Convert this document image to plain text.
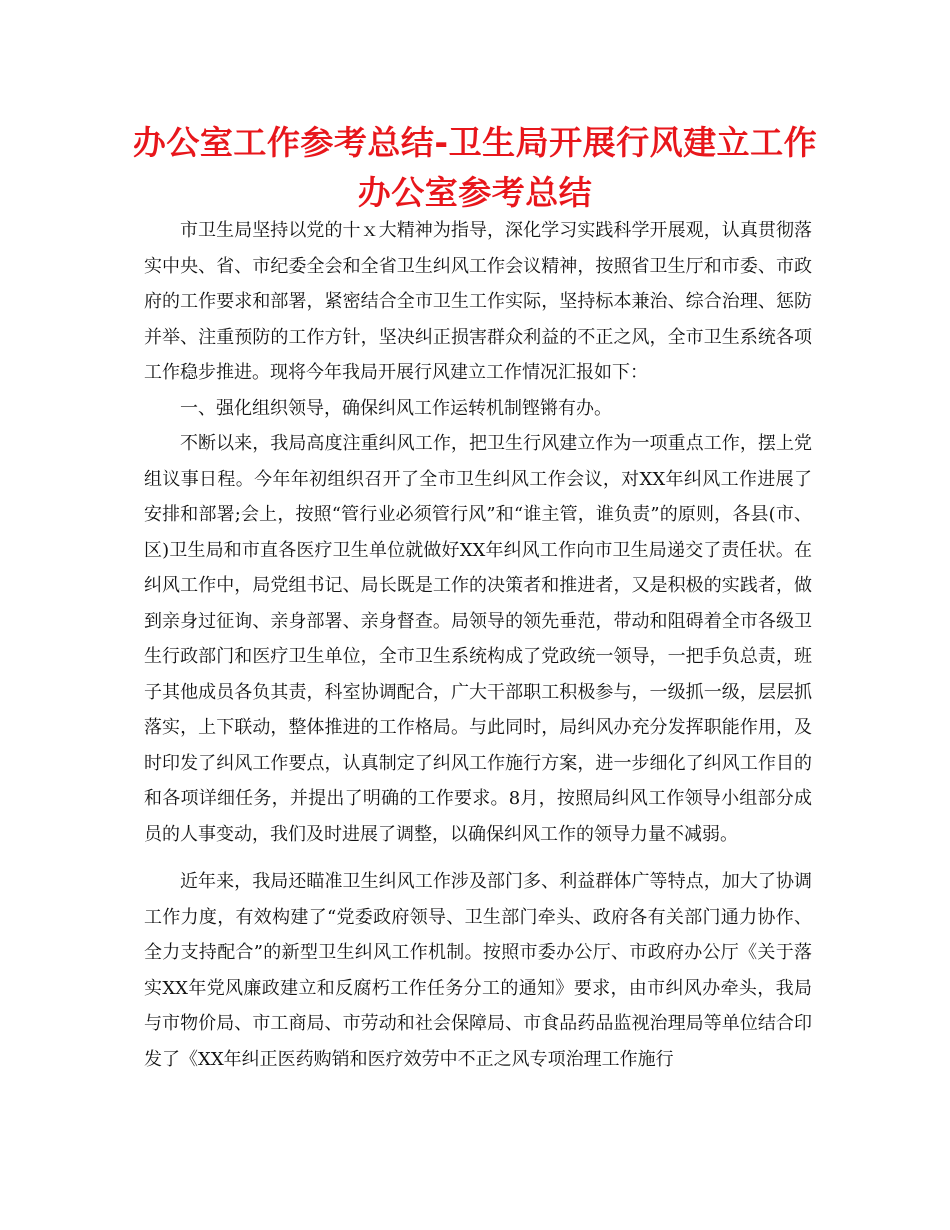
办公室工作参考总结-卫生局开展行风建立工作办公室参考总结

市卫生局坚持以党的十ｘ大精神为指导，深化学习实践科学开展观，认真贯彻落实中央、省、市纪委全会和全省卫生纠风工作会议精神，按照省卫生厅和市委、市政府的工作要求和部署，紧密结合全市卫生工作实际，坚持标本兼治、综合治理、惩防并举、注重预防的工作方针，坚决纠正损害群众利益的不正之风，全市卫生系统各项工作稳步推进。现将今年我局开展行风建立工作情况汇报如下：

一、强化组织领导，确保纠风工作运转机制铿锵有办。

不断以来，我局高度注重纠风工作，把卫生行风建立作为一项重点工作，摆上党组议事日程。今年年初组织召开了全市卫生纠风工作会议，对XX年纠风工作进展了安排和部署;会上，按照“管行业必须管行风”和“谁主管，谁负责”的原则，各县(市、区)卫生局和市直各医疗卫生单位就做好XX年纠风工作向市卫生局递交了责任状。在纠风工作中，局党组书记、局长既是工作的决策者和推进者，又是积极的实践者，做到亲身过征询、亲身部署、亲身督查。局领导的领先垂范，带动和阻碍着全市各级卫生行政部门和医疗卫生单位，全市卫生系统构成了党政统一领导，一把手负总责，班子其他成员各负其责，科室协调配合，广大干部职工积极参与，一级抓一级，层层抓落实，上下联动，整体推进的工作格局。与此同时，局纠风办充分发挥职能作用，及时印发了纠风工作要点，认真制定了纠风工作施行方案，进一步细化了纠风工作目的和各项详细任务，并提出了明确的工作要求。8月，按照局纠风工作领导小组部分成员的人事变动，我们及时进展了调整，以确保纠风工作的领导力量不减弱。

近年来，我局还瞄准卫生纠风工作涉及部门多、利益群体广等特点，加大了协调工作力度，有效构建了“党委政府领导、卫生部门牵头、政府各有关部门通力协作、全力支持配合”的新型卫生纠风工作机制。按照市委办公厅、市政府办公厅《关于落实XX年党风廉政建立和反腐朽工作任务分工的通知》要求，由市纠风办牵头，我局与市物价局、市工商局、市劳动和社会保障局、市食品药品监视治理局等单位结合印发了《XX年纠正医药购销和医疗效劳中不正之风专项治理工作施行
